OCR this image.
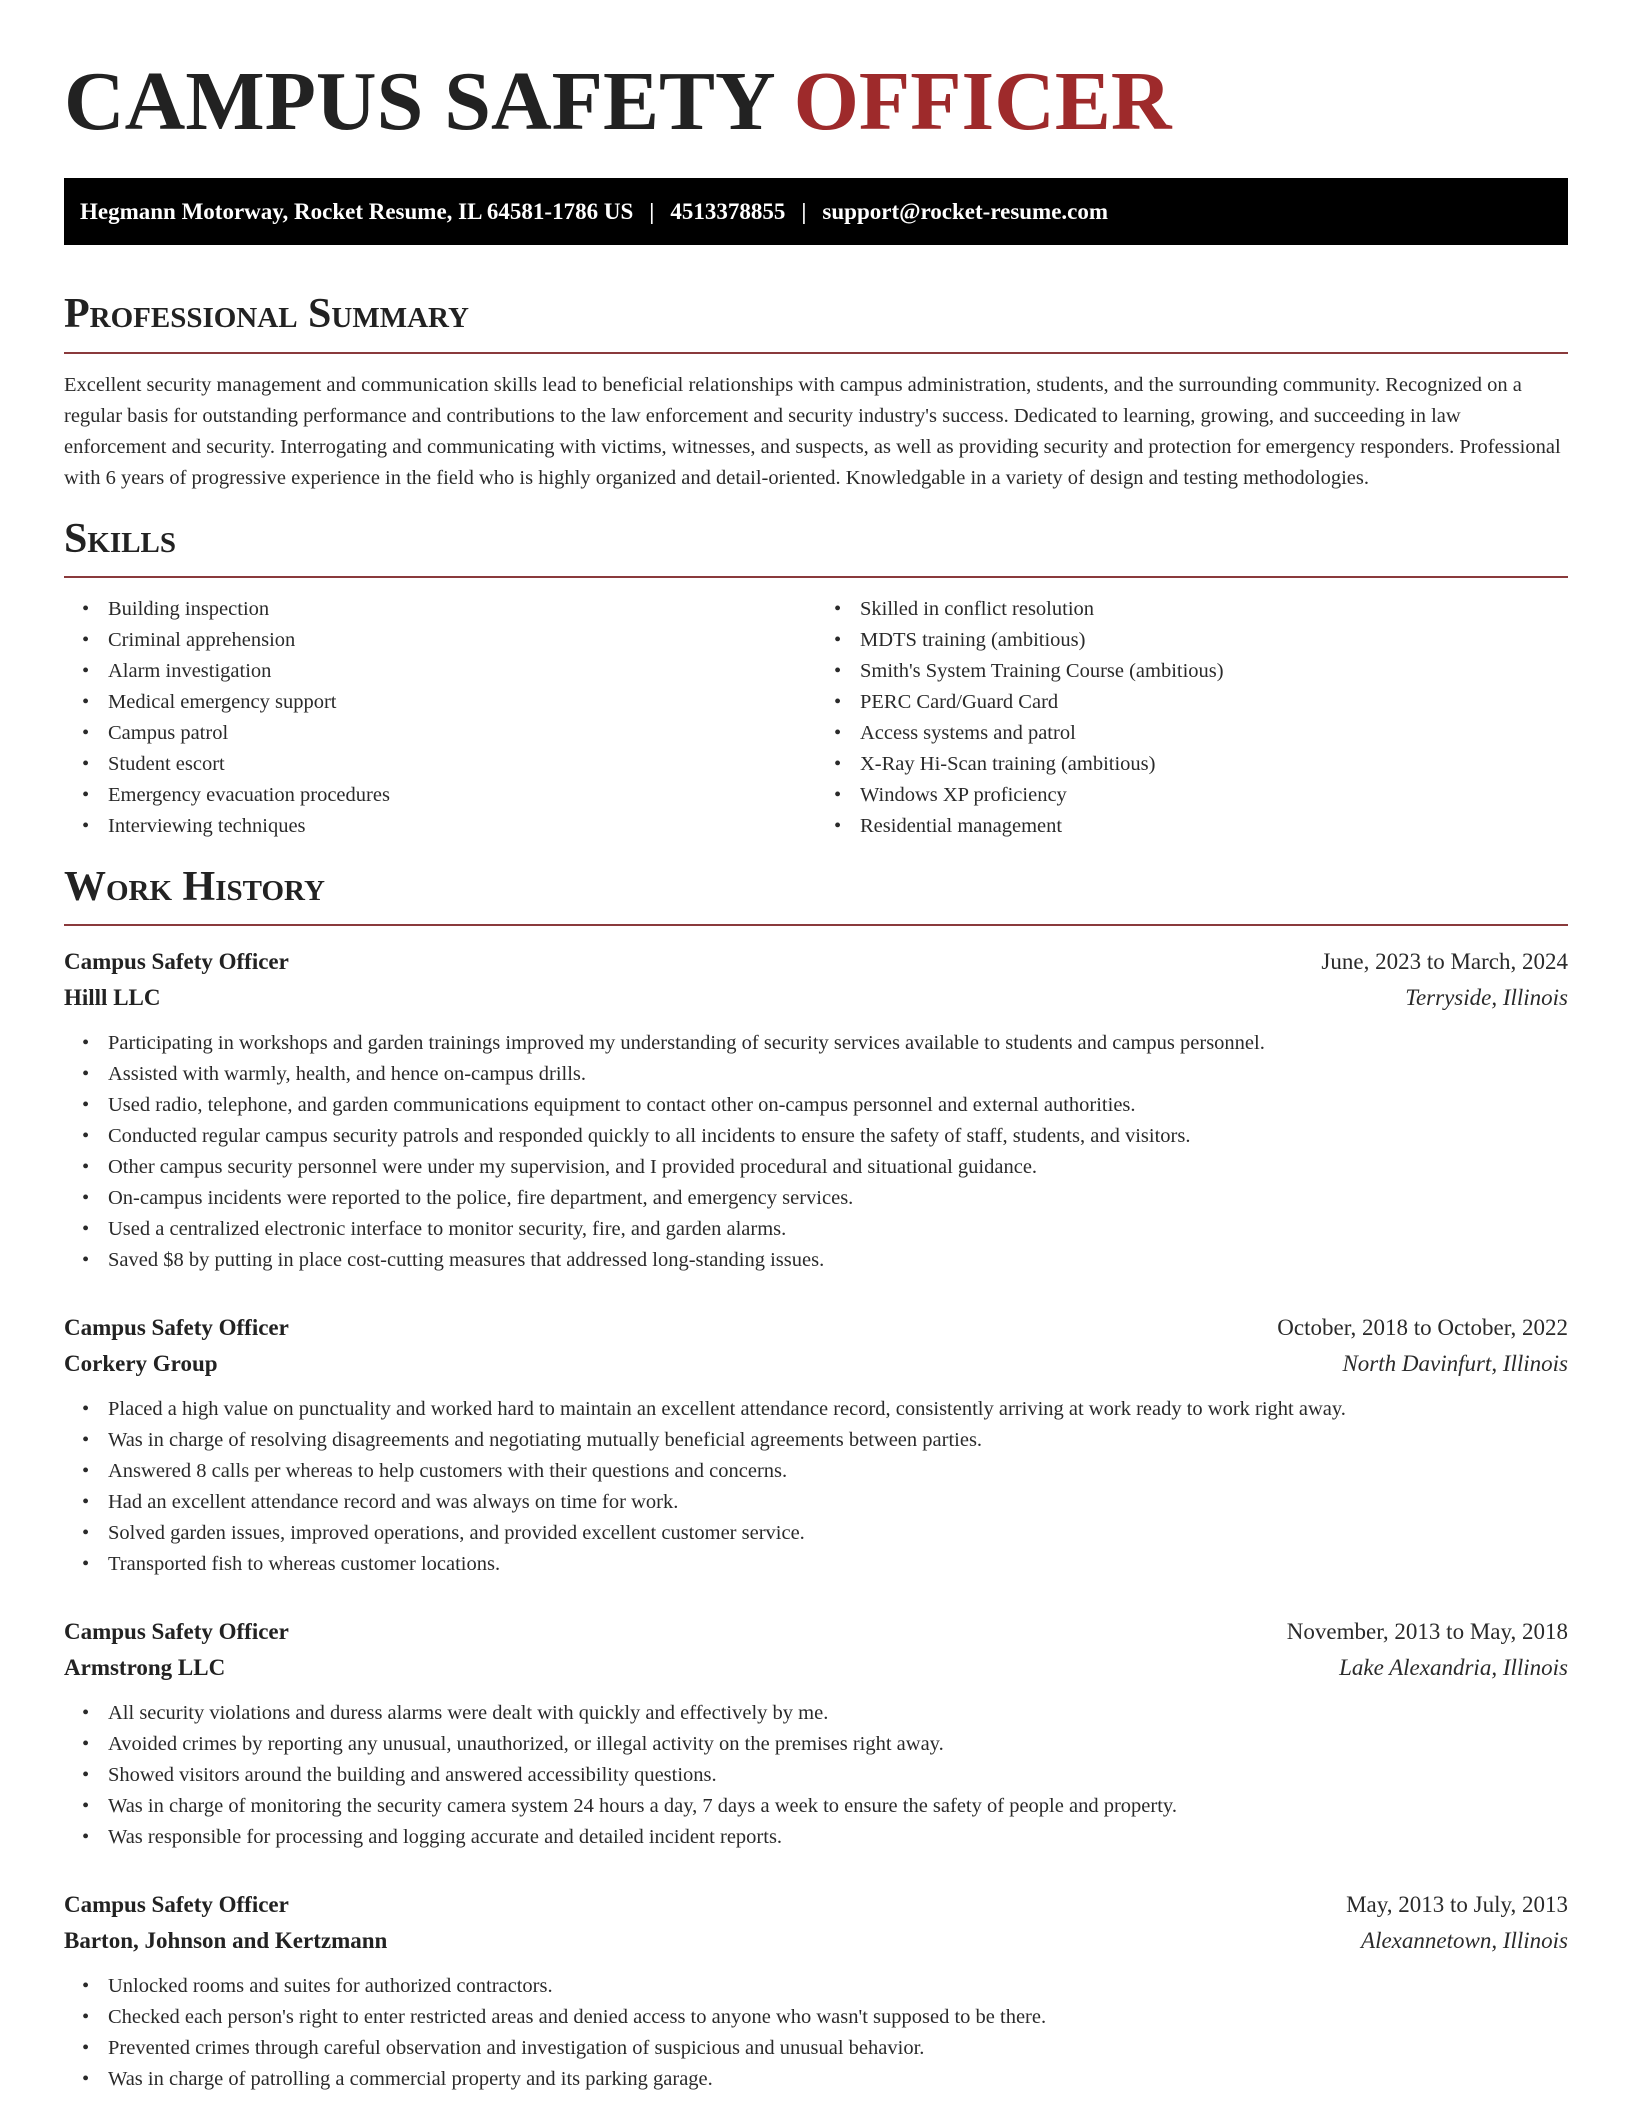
CAMPUS SAFETY OFFICER
Hegmann Motorway, Rocket Resume, IL 64581-1786 US | 4513378855 | support@rocket-resume.com
Professional Summary

Excellent security management and communication skills lead to beneficial relationships with campus administration, students, and the surrounding community. Recognized on a regular basis for outstanding performance and contributions to the law enforcement and security industry's success. Dedicated to learning, growing, and succeeding in law enforcement and security. Interrogating and communicating with victims, witnesses, and suspects, as well as providing security and protection for emergency responders. Professional with 6 years of progressive experience in the field who is highly organized and detail-oriented. Knowledgable in a variety of design and testing methodologies.

Skills
• Building inspection
• Criminal apprehension
• Alarm investigation
• Medical emergency support
• Campus patrol
• Student escort
• Emergency evacuation procedures
• Interviewing techniques
• Skilled in conflict resolution
• MDTS training (ambitious)
• Smith's System Training Course (ambitious)
• PERC Card/Guard Card
• Access systems and patrol
• X-Ray Hi-Scan training (ambitious)
• Windows XP proficiency
• Residential management
Work History
Campus Safety Officer	June, 2023 to March, 2024
Hilll LLC	Terryside, Illinois
• Participating in workshops and garden trainings improved my understanding of security services available to students and campus personnel.
• Assisted with warmly, health, and hence on-campus drills.
• Used radio, telephone, and garden communications equipment to contact other on-campus personnel and external authorities.
• Conducted regular campus security patrols and responded quickly to all incidents to ensure the safety of staff, students, and visitors.
• Other campus security personnel were under my supervision, and I provided procedural and situational guidance.
• On-campus incidents were reported to the police, fire department, and emergency services.
• Used a centralized electronic interface to monitor security, fire, and garden alarms.
• Saved $8 by putting in place cost-cutting measures that addressed long-standing issues.
Campus Safety Officer	October, 2018 to October, 2022
Corkery Group	North Davinfurt, Illinois
• Placed a high value on punctuality and worked hard to maintain an excellent attendance record, consistently arriving at work ready to work right away.
• Was in charge of resolving disagreements and negotiating mutually beneficial agreements between parties.
• Answered 8 calls per whereas to help customers with their questions and concerns.
• Had an excellent attendance record and was always on time for work.
• Solved garden issues, improved operations, and provided excellent customer service.
• Transported fish to whereas customer locations.
Campus Safety Officer	November, 2013 to May, 2018
Armstrong LLC	Lake Alexandria, Illinois
• All security violations and duress alarms were dealt with quickly and effectively by me.
• Avoided crimes by reporting any unusual, unauthorized, or illegal activity on the premises right away.
• Showed visitors around the building and answered accessibility questions.
• Was in charge of monitoring the security camera system 24 hours a day, 7 days a week to ensure the safety of people and property.
• Was responsible for processing and logging accurate and detailed incident reports.
Campus Safety Officer	May, 2013 to July, 2013
Barton, Johnson and Kertzmann	Alexannetown, Illinois
• Unlocked rooms and suites for authorized contractors.
• Checked each person's right to enter restricted areas and denied access to anyone who wasn't supposed to be there.
• Prevented crimes through careful observation and investigation of suspicious and unusual behavior.
• Was in charge of patrolling a commercial property and its parking garage.
